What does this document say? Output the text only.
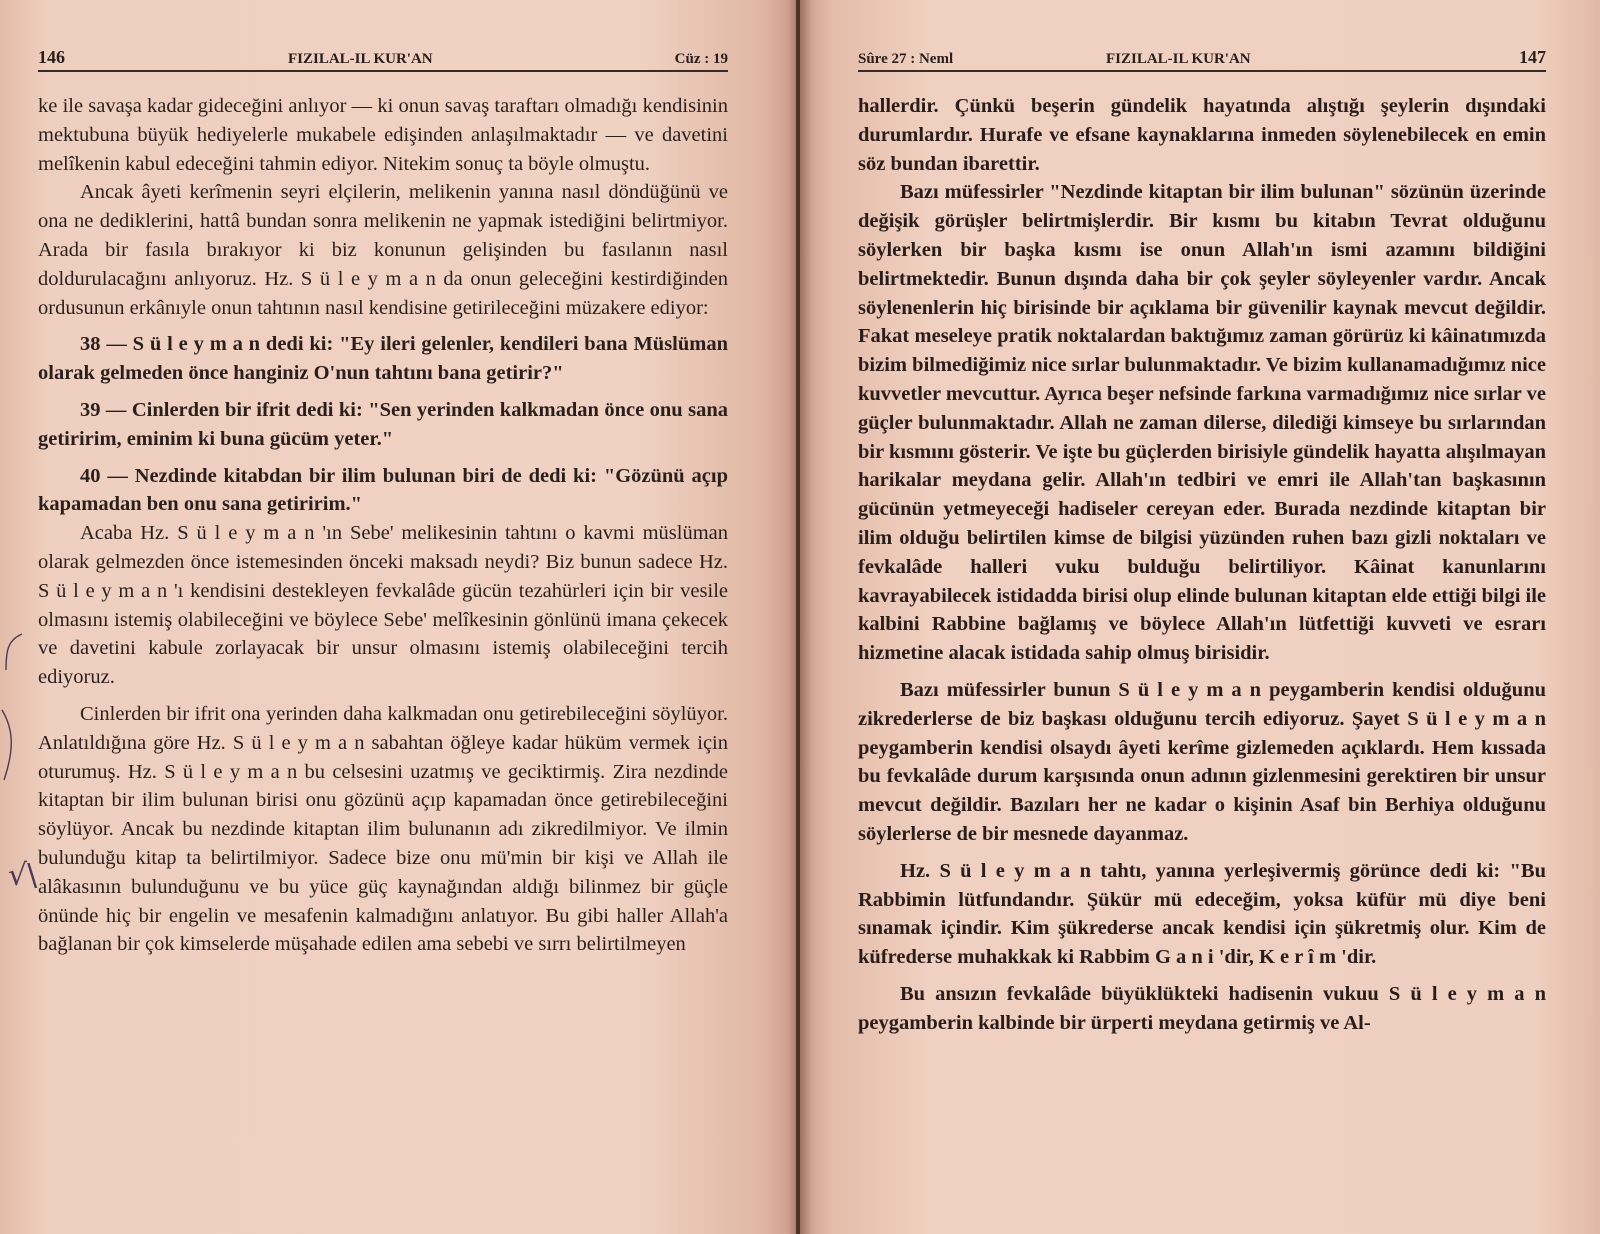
146	FIZILAL-IL KUR'AN	Cüz : 19

ke ile savaşa kadar gideceğini anlıyor — ki onun savaş taraftarı olmadığı kendisinin mektubuna büyük hediyelerle mukabele edişinden anlaşılmaktadır — ve davetini melîkenin kabul edeceğini tahmin ediyor. Nitekim sonuç ta böyle olmuştu.

Ancak âyeti kerîmenin seyri elçilerin, melikenin yanına nasıl döndüğünü ve ona ne dediklerini, hattâ bundan sonra melikenin ne yapmak istediğini belirtmiyor. Arada bir fasıla bırakıyor ki biz konunun gelişinden bu fasılanın nasıl doldurulacağını anlıyoruz. Hz. S ü l e y m a n da onun geleceğini kestirdiğinden ordusunun erkânıyle onun tahtının nasıl kendisine getirileceğini müzakere ediyor:

38 — S ü l e y m a n dedi ki: "Ey ileri gelenler, kendileri bana Müslüman olarak gelmeden önce hanginiz O'nun tahtını bana getirir?"

39 — Cinlerden bir ifrit dedi ki: "Sen yerinden kalkmadan önce onu sana getiririm, eminim ki buna gücüm yeter."

40 — Nezdinde kitabdan bir ilim bulunan biri de dedi ki: "Gözünü açıp kapamadan ben onu sana getiririm."

Acaba Hz. S ü l e y m a n 'ın Sebe' melikesinin tahtını o kavmi müslüman olarak gelmezden önce istemesinden önceki maksadı neydi? Biz bunun sadece Hz. S ü l e y m a n 'ı kendisini destekleyen fevkalâde gücün tezahürleri için bir vesile olmasını istemiş olabileceğini ve böylece Sebe' melîkesinin gönlünü imana çekecek ve davetini kabule zorlayacak bir unsur olmasını istemiş olabileceğini tercih ediyoruz.

Cinlerden bir ifrit ona yerinden daha kalkmadan onu getirebileceğini söylüyor. Anlatıldığına göre Hz. S ü l e y m a n sabahtan öğleye kadar hüküm vermek için oturumuş. Hz. S ü l e y m a n bu celsesini uzatmış ve geciktirmiş. Zira nezdinde kitaptan bir ilim bulunan birisi onu gözünü açıp kapamadan önce getirebileceğini söylüyor. Ancak bu nezdinde kitaptan ilim bulunanın adı zikredilmiyor. Ve ilmin bulunduğu kitap ta belirtilmiyor. Sadece bize onu mü'min bir kişi ve Allah ile alâkasının bulunduğunu ve bu yüce güç kaynağından aldığı bilinmez bir güçle önünde hiç bir engelin ve mesafenin kalmadığını anlatıyor. Bu gibi haller Allah'a bağlanan bir çok kimselerde müşahade edilen ama sebebi ve sırrı belirtilmeyen

√\
Sûre 27 : Neml	FIZILAL-IL KUR'AN	147

hallerdir. Çünkü beşerin gündelik hayatında alıştığı şeylerin dışındaki durumlardır. Hurafe ve efsane kaynaklarına inmeden söylenebilecek en emin söz bundan ibarettir.

Bazı müfessirler "Nezdinde kitaptan bir ilim bulunan" sözünün üzerinde değişik görüşler belirtmişlerdir. Bir kısmı bu kitabın Tevrat olduğunu söylerken bir başka kısmı ise onun Allah'ın ismi azamını bildiğini belirtmektedir. Bunun dışında daha bir çok şeyler söyleyenler vardır. Ancak söylenenlerin hiç birisinde bir açıklama bir güvenilir kaynak mevcut değildir. Fakat meseleye pratik noktalardan baktığımız zaman görürüz ki kâinatımızda bizim bilmediğimiz nice sırlar bulunmaktadır. Ve bizim kullanamadığımız nice kuvvetler mevcuttur. Ayrıca beşer nefsinde farkına varmadığımız nice sırlar ve güçler bulunmaktadır. Allah ne zaman dilerse, dilediği kimseye bu sırlarından bir kısmını gösterir. Ve işte bu güçlerden birisiyle gündelik hayatta alışılmayan harikalar meydana gelir. Allah'ın tedbiri ve emri ile Allah'tan başkasının gücünün yetmeyeceği hadiseler cereyan eder. Burada nezdinde kitaptan bir ilim olduğu belirtilen kimse de bilgisi yüzünden ruhen bazı gizli noktaları ve fevkalâde halleri vuku bulduğu belirtiliyor. Kâinat kanunlarını kavrayabilecek istidadda birisi olup elinde bulunan kitaptan elde ettiği bilgi ile kalbini Rabbine bağlamış ve böylece Allah'ın lütfettiği kuvveti ve esrarı hizmetine alacak istidada sahip olmuş birisidir.

Bazı müfessirler bunun S ü l e y m a n peygamberin kendisi olduğunu zikrederlerse de biz başkası olduğunu tercih ediyoruz. Şayet S ü l e y m a n peygamberin kendisi olsaydı âyeti kerîme gizlemeden açıklardı. Hem kıssada bu fevkalâde durum karşısında onun adının gizlenmesini gerektiren bir unsur mevcut değildir. Bazıları her ne kadar o kişinin Asaf bin Berhiya olduğunu söylerlerse de bir mesnede dayanmaz.

Hz. S ü l e y m a n tahtı, yanına yerleşivermiş görünce dedi ki: "Bu Rabbimin lütfundandır. Şükür mü edeceğim, yoksa küfür mü diye beni sınamak içindir. Kim şükrederse ancak kendisi için şükretmiş olur. Kim de küfrederse muhakkak ki Rabbim G a n i 'dir, K e r î m 'dir.

Bu ansızın fevkalâde büyüklükteki hadisenin vukuu S ü l e y m a n peygamberin kalbinde bir ürperti meydana getirmiş ve Al-
